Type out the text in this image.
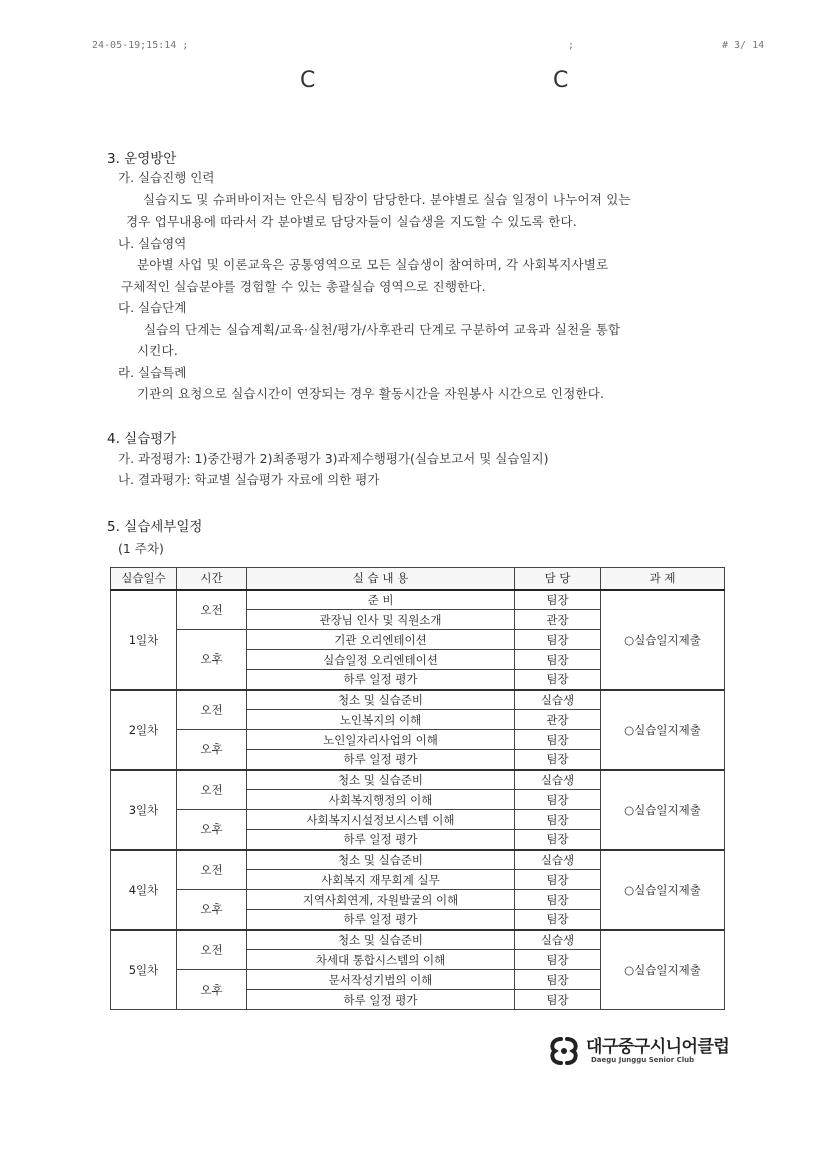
24-05-19;15:14 ;	;	# 3/ 14
C	C
3. 운영방안
가. 실습진행 인력
실습지도 및 슈퍼바이저는 안은식 팀장이 담당한다. 분야별로 실습 일정이 나누어져 있는
경우 업무내용에 따라서 각 분야별로 담당자들이 실습생을 지도할 수 있도록 한다.
나. 실습영역
분야별 사업 및 이론교육은 공통영역으로 모든 실습생이 참여하며, 각 사회복지사별로
구체적인 실습분야를 경험할 수 있는 총괄실습 영역으로 진행한다.
다. 실습단계
실습의 단계는 실습계획/교육·실천/평가/사후관리 단계로 구분하여 교육과 실천을 통합
시킨다.
라. 실습특례
기관의 요청으로 실습시간이 연장되는 경우 활동시간을 자원봉사 시간으로 인정한다.
4. 실습평가
가. 과정평가: 1)중간평가 2)최종평가 3)과제수행평가(실습보고서 및 실습일지)
나. 결과평가: 학교별 실습평가 자료에 의한 평가
5. 실습세부일정
(1 주차)
실습일수	시간	실 습 내 용	담 당	과 제
1일차	오전	준 비	팀장	○실습일지제출
		관장님 인사 및 직원소개	관장	
	오후	기관 오리엔테이션	팀장	
		실습일정 오리엔테이션	팀장	
		하루 일정 평가	팀장	
2일차	오전	청소 및 실습준비	실습생	○실습일지제출
		노인복지의 이해	관장	
	오후	노인일자리사업의 이해	팀장	
		하루 일정 평가	팀장	
3일차	오전	청소 및 실습준비	실습생	○실습일지제출
		사회복지행정의 이해	팀장	
	오후	사회복지시설정보시스템 이해	팀장	
		하루 일정 평가	팀장	
4일차	오전	청소 및 실습준비	실습생	○실습일지제출
		사회복지 재무회계 실무	팀장	
	오후	지역사회연계, 자원발굴의 이해	팀장	
		하루 일정 평가	팀장	
5일차	오전	청소 및 실습준비	실습생	○실습일지제출
		차세대 통합시스템의 이해	팀장	
	오후	문서작성기법의 이해	팀장	
		하루 일정 평가	팀장	
대구중구시니어클럽
Daegu Junggu Senior Club
